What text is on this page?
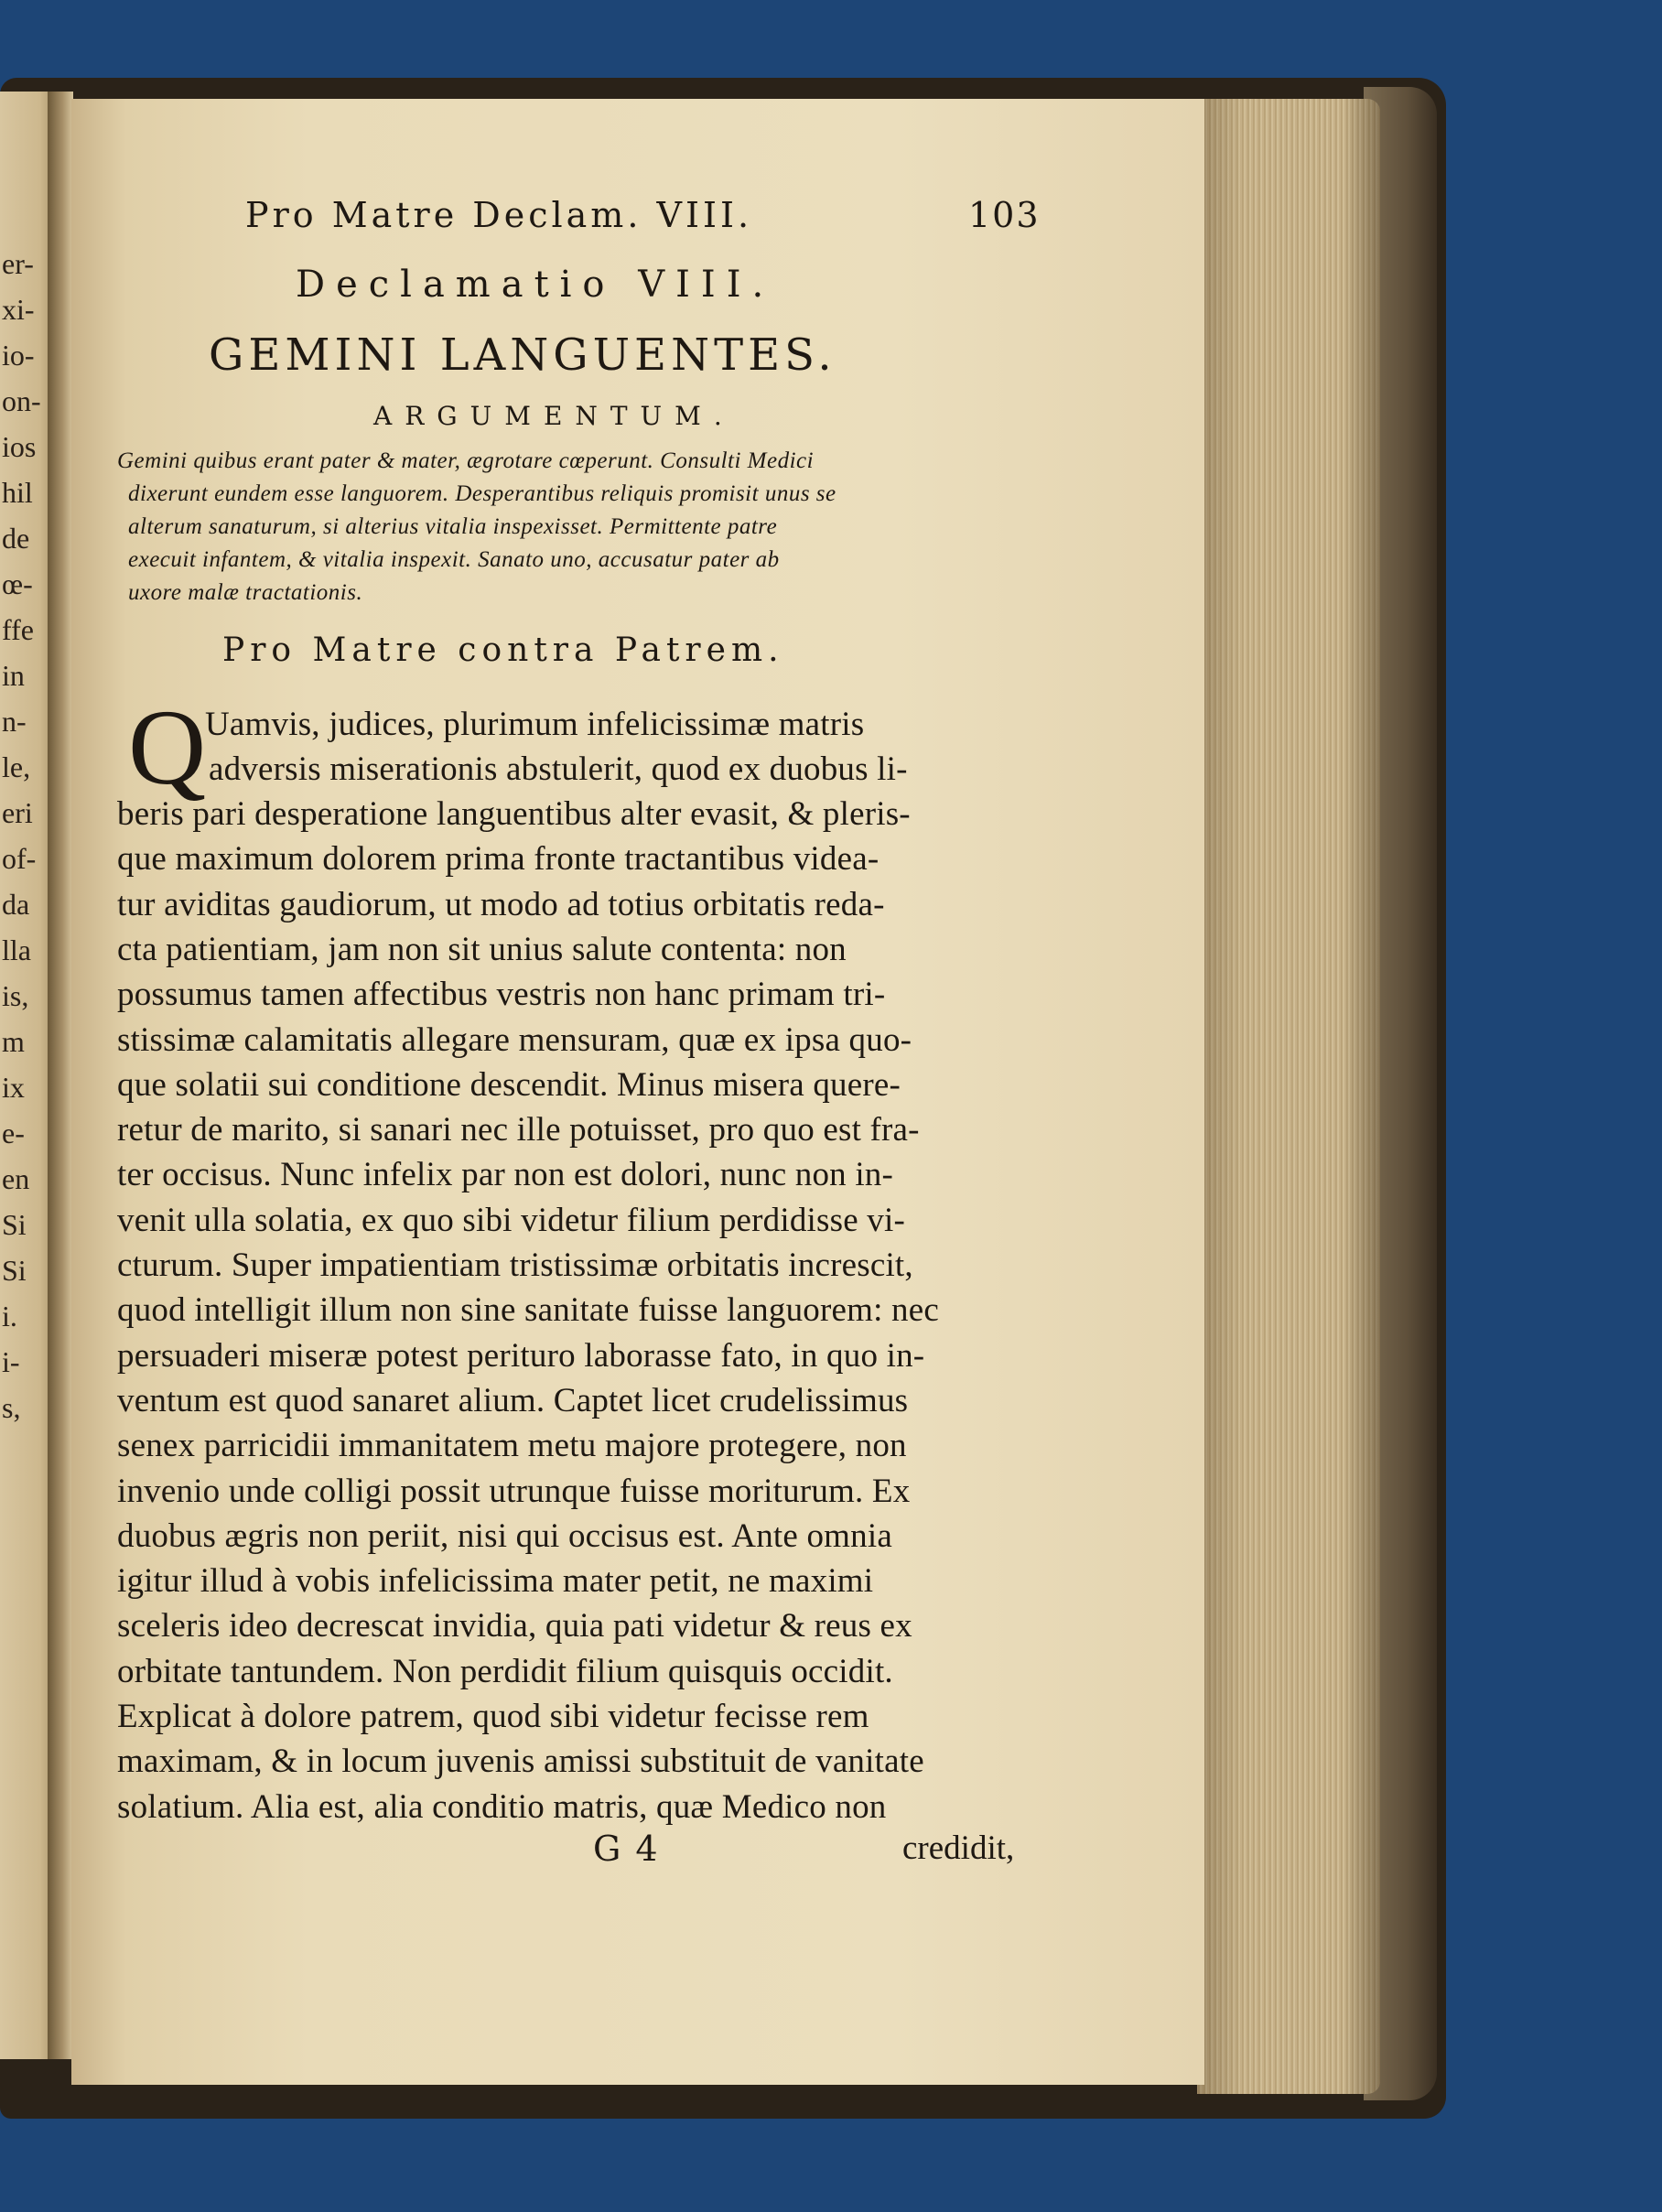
er-
xi-
io-
on-
ios
hil
de
œ-
ffe
in
n-
le,
eri
of-
da
lla
is,
m
ix
e-
en
Si
Si
i.
i-
s,
Pro Matre Declam. VIII.	103
Declamatio VIII.
GEMINI LANGUENTES.
ARGUMENTUM.
Gemini quibus erant pater & mater, ægrotare cœperunt. Consulti Medici
dixerunt eundem esse languorem. Desperantibus reliquis promisit unus se
alterum sanaturum, si alterius vitalia inspexisset. Permittente patre
execuit infantem, & vitalia inspexit. Sanato uno, accusatur pater ab
uxore malæ tractationis.
Pro Matre contra Patrem.
Q
Uamvis, judices, plurimum infelicissimæ matris
adversis miserationis abstulerit, quod ex duobus li-
beris pari desperatione languentibus alter evasit, & pleris-
que maximum dolorem prima fronte tractantibus videa-
tur aviditas gaudiorum, ut modo ad totius orbitatis reda-
cta patientiam, jam non sit unius salute contenta: non
possumus tamen affectibus vestris non hanc primam tri-
stissimæ calamitatis allegare mensuram, quæ ex ipsa quo-
que solatii sui conditione descendit. Minus misera quere-
retur de marito, si sanari nec ille potuisset, pro quo est fra-
ter occisus. Nunc infelix par non est dolori, nunc non in-
venit ulla solatia, ex quo sibi videtur filium perdidisse vi-
cturum. Super impatientiam tristissimæ orbitatis increscit,
quod intelligit illum non sine sanitate fuisse languorem: nec
persuaderi miseræ potest perituro laborasse fato, in quo in-
ventum est quod sanaret alium. Captet licet crudelissimus
senex parricidii immanitatem metu majore protegere, non
invenio unde colligi possit utrunque fuisse moriturum. Ex
duobus ægris non periit, nisi qui occisus est. Ante omnia
igitur illud à vobis infelicissima mater petit, ne maximi
sceleris ideo decrescat invidia, quia pati videtur & reus ex
orbitate tantundem. Non perdidit filium quisquis occidit.
Explicat à dolore patrem, quod sibi videtur fecisse rem
maximam, & in locum juvenis amissi substituit de vanitate
solatium. Alia est, alia conditio matris, quæ Medico non
G 4	credidit,
